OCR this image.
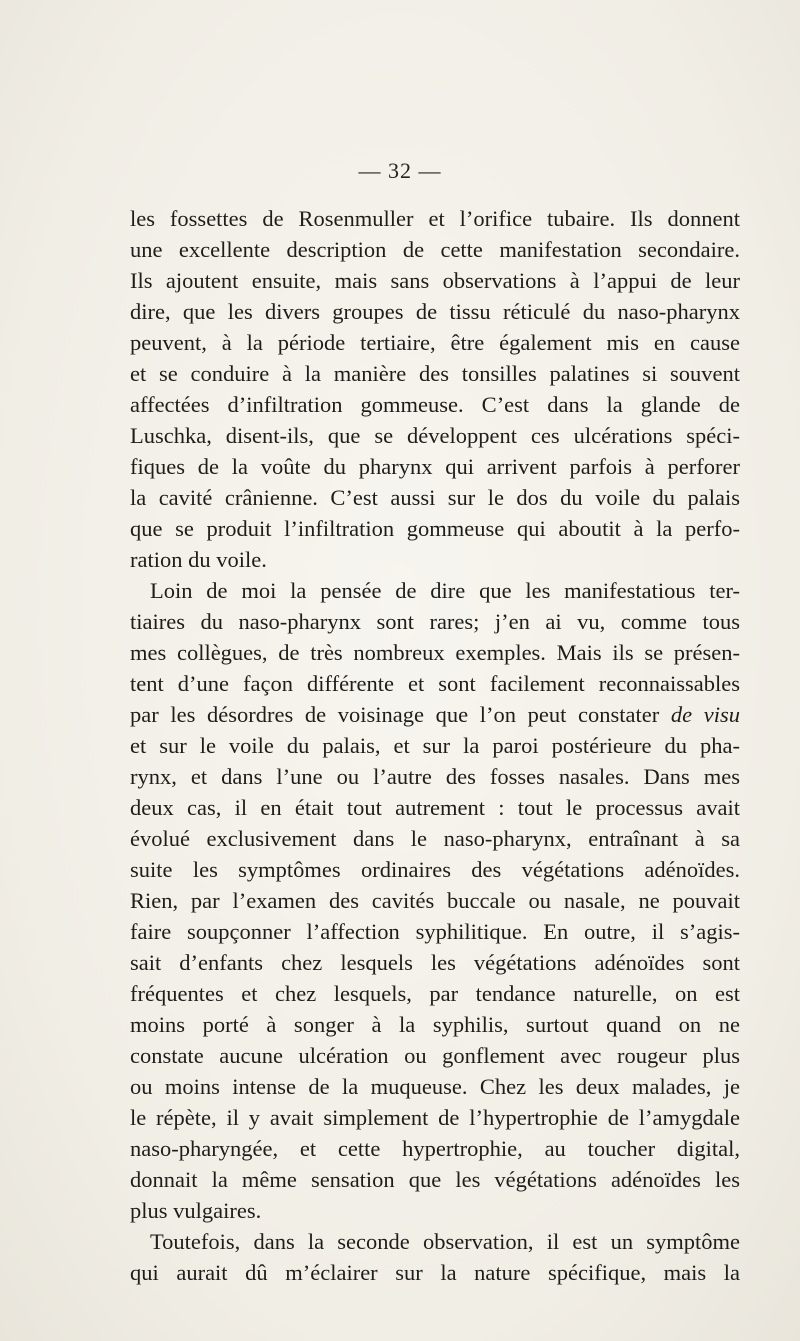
— 32 —
les fossettes de Rosenmuller et l’orifice tubaire. Ils donnent
une excellente description de cette manifestation secondaire.
Ils ajoutent ensuite, mais sans observations à l’appui de leur
dire, que les divers groupes de tissu réticulé du naso-pharynx
peuvent, à la période tertiaire, être également mis en cause
et se conduire à la manière des tonsilles palatines si souvent
affectées d’infiltration gommeuse. C’est dans la glande de
Luschka, disent-ils, que se développent ces ulcérations spéci-
fiques de la voûte du pharynx qui arrivent parfois à perforer
la cavité crânienne. C’est aussi sur le dos du voile du palais
que se produit l’infiltration gommeuse qui aboutit à la perfo-
ration du voile.
Loin de moi la pensée de dire que les manifestatious ter-
tiaires du naso-pharynx sont rares; j’en ai vu, comme tous
mes collègues, de très nombreux exemples. Mais ils se présen-
tent d’une façon différente et sont facilement reconnaissables
par les désordres de voisinage que l’on peut constater de visu
et sur le voile du palais, et sur la paroi postérieure du pha-
rynx, et dans l’une ou l’autre des fosses nasales. Dans mes
deux cas, il en était tout autrement : tout le processus avait
évolué exclusivement dans le naso-pharynx, entraînant à sa
suite les symptômes ordinaires des végétations adénoïdes.
Rien, par l’examen des cavités buccale ou nasale, ne pouvait
faire soupçonner l’affection syphilitique. En outre, il s’agis-
sait d’enfants chez lesquels les végétations adénoïdes sont
fréquentes et chez lesquels, par tendance naturelle, on est
moins porté à songer à la syphilis, surtout quand on ne
constate aucune ulcération ou gonflement avec rougeur plus
ou moins intense de la muqueuse. Chez les deux malades, je
le répète, il y avait simplement de l’hypertrophie de l’amygdale
naso-pharyngée, et cette hypertrophie, au toucher digital,
donnait la même sensation que les végétations adénoïdes les
plus vulgaires.
Toutefois, dans la seconde observation, il est un symptôme
qui aurait dû m’éclairer sur la nature spécifique, mais la
